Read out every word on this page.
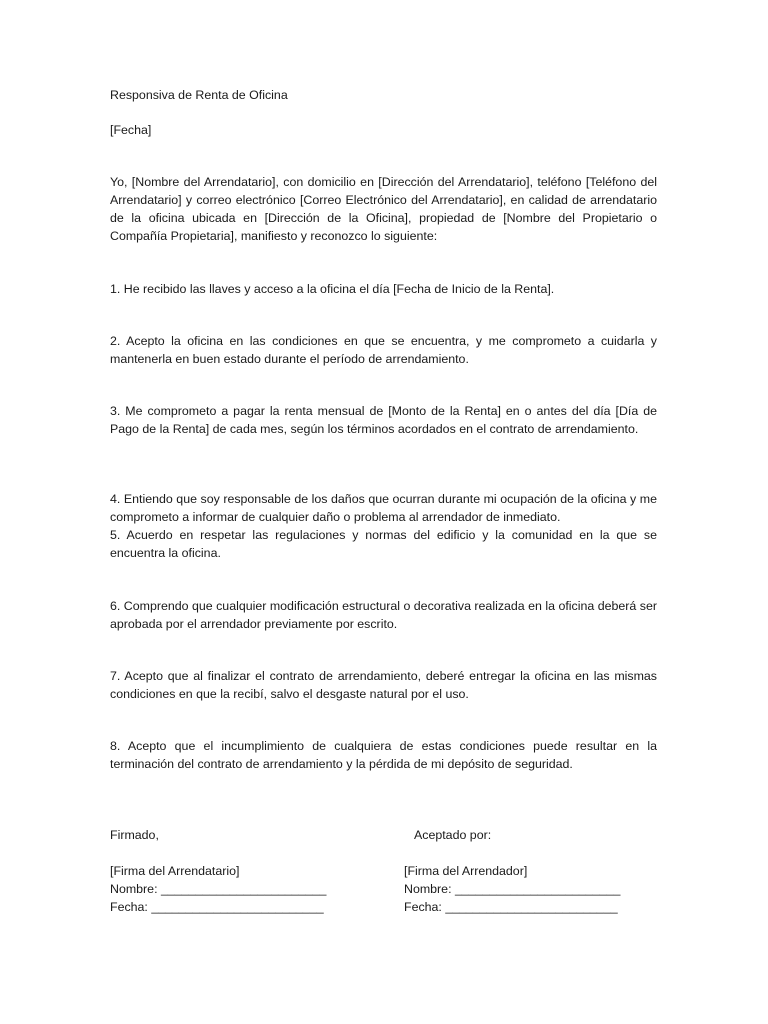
Responsiva de Renta de Oficina

[Fecha]

Yo, [Nombre del Arrendatario], con domicilio en [Dirección del Arrendatario], teléfono [Teléfono del Arrendatario] y correo electrónico [Correo Electrónico del Arrendatario], en calidad de arrendatario de la oficina ubicada en [Dirección de la Oficina], propiedad de [Nombre del Propietario o Compañía Propietaria], manifiesto y reconozco lo siguiente:

1. He recibido las llaves y acceso a la oficina el día [Fecha de Inicio de la Renta].

2. Acepto la oficina en las condiciones en que se encuentra, y me comprometo a cuidarla y mantenerla en buen estado durante el período de arrendamiento.

3. Me comprometo a pagar la renta mensual de [Monto de la Renta] en o antes del día [Día de Pago de la Renta] de cada mes, según los términos acordados en el contrato de arrendamiento.

4. Entiendo que soy responsable de los daños que ocurran durante mi ocupación de la oficina y me comprometo a informar de cualquier daño o problema al arrendador de inmediato.

5. Acuerdo en respetar las regulaciones y normas del edificio y la comunidad en la que se encuentra la oficina.

6. Comprendo que cualquier modificación estructural o decorativa realizada en la oficina deberá ser aprobada por el arrendador previamente por escrito.

7. Acepto que al finalizar el contrato de arrendamiento, deberé entregar la oficina en las mismas condiciones en que la recibí, salvo el desgaste natural por el uso.

8. Acepto que el incumplimiento de cualquiera de estas condiciones puede resultar en la terminación del contrato de arrendamiento y la pérdida de mi depósito de seguridad.

Firmado,
[Firma del Arrendatario]
Nombre: ________________________
Fecha: _________________________
Aceptado por:
[Firma del Arrendador]
Nombre: ________________________
Fecha: _________________________
